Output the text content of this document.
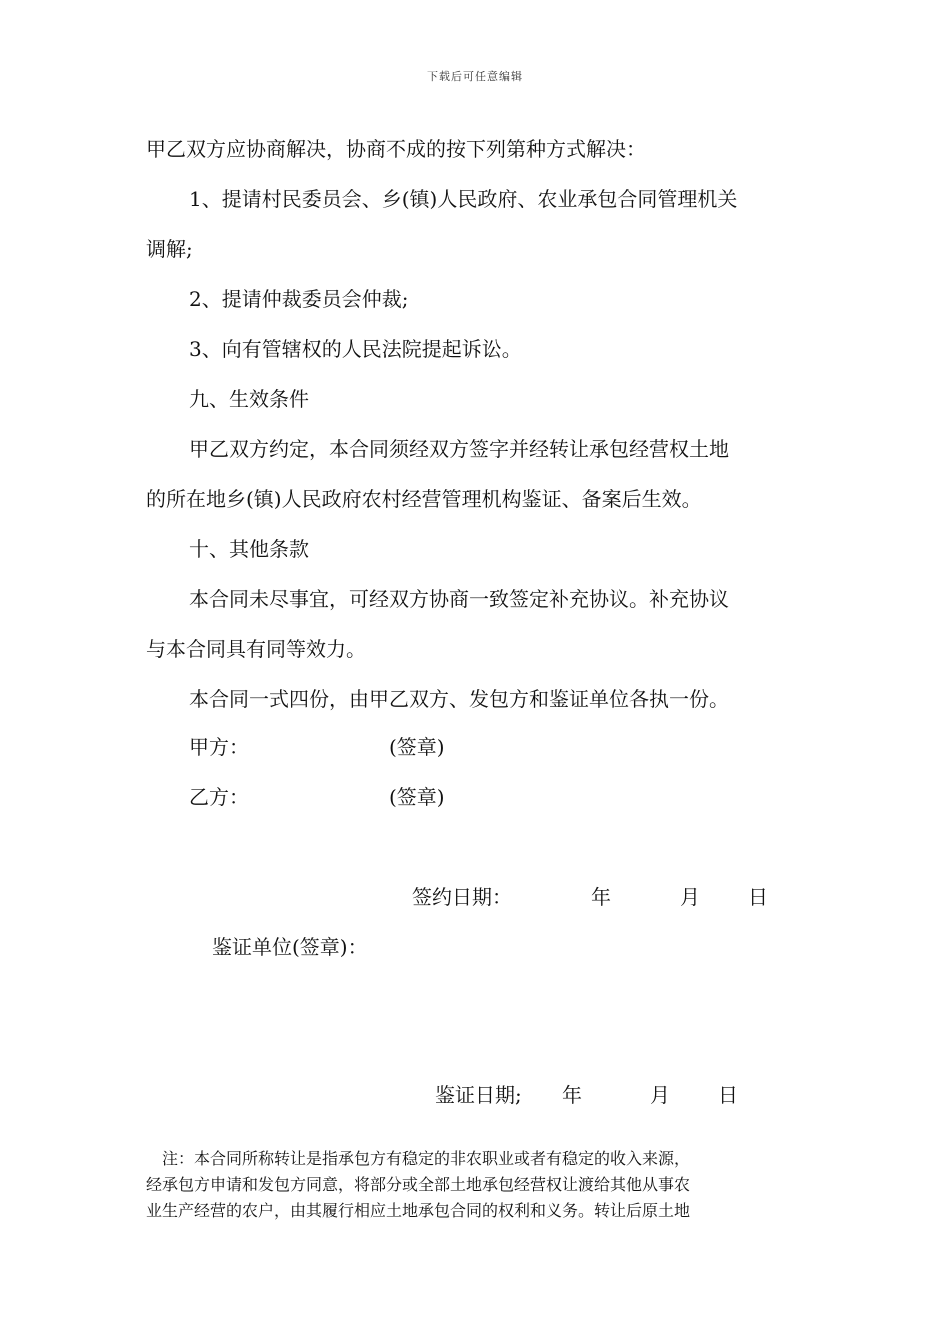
下载后可任意编辑
甲乙双方应协商解决，协商不成的按下列第种方式解决：
1、提请村民委员会、乡(镇)人民政府、农业承包合同管理机关
调解;
2、提请仲裁委员会仲裁;
3、向有管辖权的人民法院提起诉讼。
九、生效条件
甲乙双方约定，本合同须经双方签字并经转让承包经营权土地
的所在地乡(镇)人民政府农村经营管理机构鉴证、备案后生效。
十、其他条款
本合同未尽事宜，可经双方协商一致签定补充协议。补充协议
与本合同具有同等效力。
本合同一式四份，由甲乙双方、发包方和鉴证单位各执一份。
甲方：	(签章)
乙方：	(签章)
签约日期：	年	月 日
鉴证单位(签章)：
鉴证日期; 年	月 日
注：本合同所称转让是指承包方有稳定的非农职业或者有稳定的收入来源，
经承包方申请和发包方同意，将部分或全部土地承包经营权让渡给其他从事农
业生产经营的农户，由其履行相应土地承包合同的权利和义务。转让后原土地
